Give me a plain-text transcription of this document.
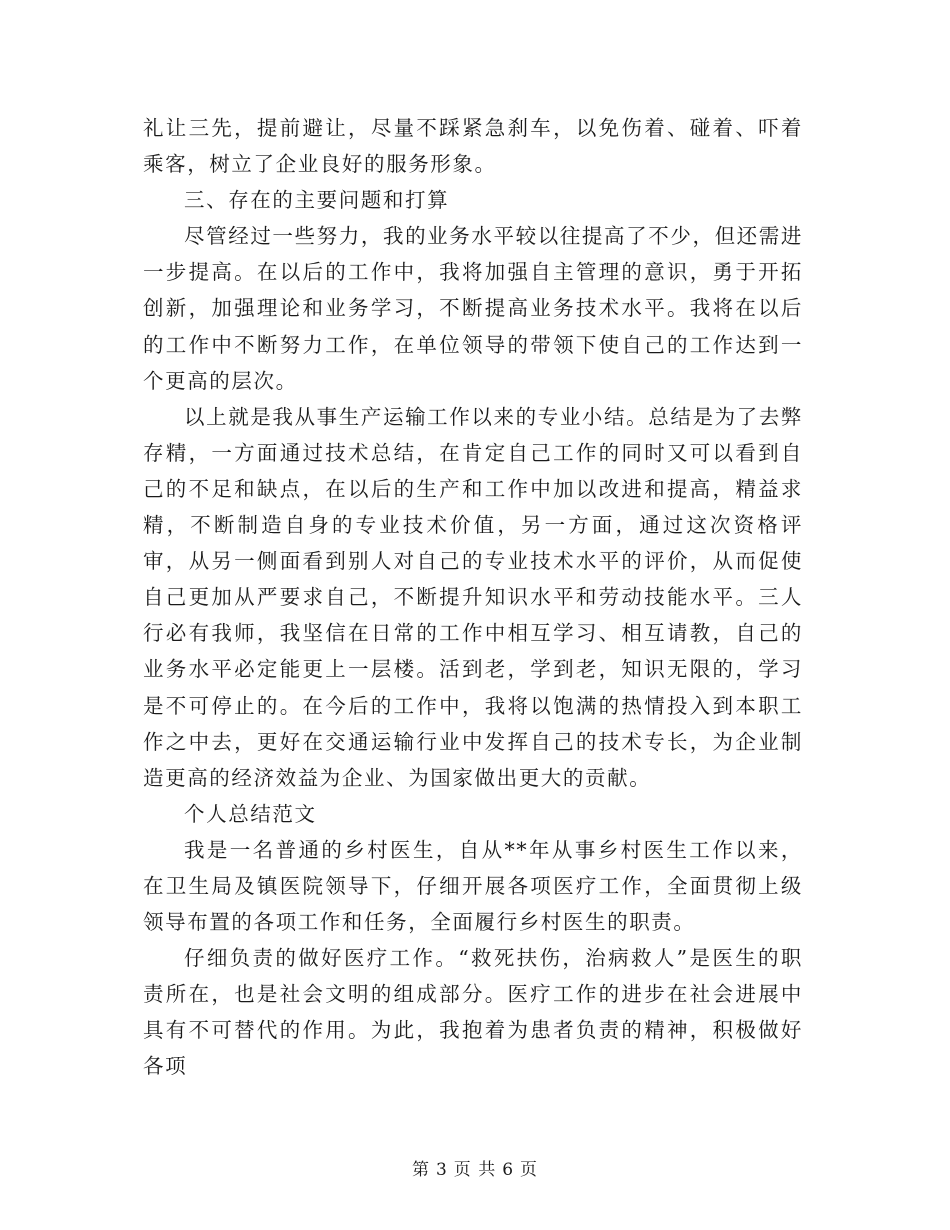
礼让三先，提前避让，尽量不踩紧急刹车，以免伤着、碰着、吓着乘客，树立了企业良好的服务形象。

三、存在的主要问题和打算

尽管经过一些努力，我的业务水平较以往提高了不少，但还需进一步提高。在以后的工作中，我将加强自主管理的意识，勇于开拓创新，加强理论和业务学习，不断提高业务技术水平。我将在以后的工作中不断努力工作，在单位领导的带领下使自己的工作达到一个更高的层次。

以上就是我从事生产运输工作以来的专业小结。总结是为了去弊存精，一方面通过技术总结，在肯定自己工作的同时又可以看到自己的不足和缺点，在以后的生产和工作中加以改进和提高，精益求精，不断制造自身的专业技术价值，另一方面，通过这次资格评审，从另一侧面看到别人对自己的专业技术水平的评价，从而促使自己更加从严要求自己，不断提升知识水平和劳动技能水平。三人行必有我师，我坚信在日常的工作中相互学习、相互请教，自己的业务水平必定能更上一层楼。活到老，学到老，知识无限的，学习是不可停止的。在今后的工作中，我将以饱满的热情投入到本职工作之中去，更好在交通运输行业中发挥自己的技术专长，为企业制造更高的经济效益为企业、为国家做出更大的贡献。

个人总结范文

我是一名普通的乡村医生，自从**年从事乡村医生工作以来，在卫生局及镇医院领导下，仔细开展各项医疗工作，全面贯彻上级领导布置的各项工作和任务，全面履行乡村医生的职责。

仔细负责的做好医疗工作。“救死扶伤，治病救人”是医生的职责所在，也是社会文明的组成部分。医疗工作的进步在社会进展中具有不可替代的作用。为此，我抱着为患者负责的精神，积极做好各项

第 3 页 共 6 页
